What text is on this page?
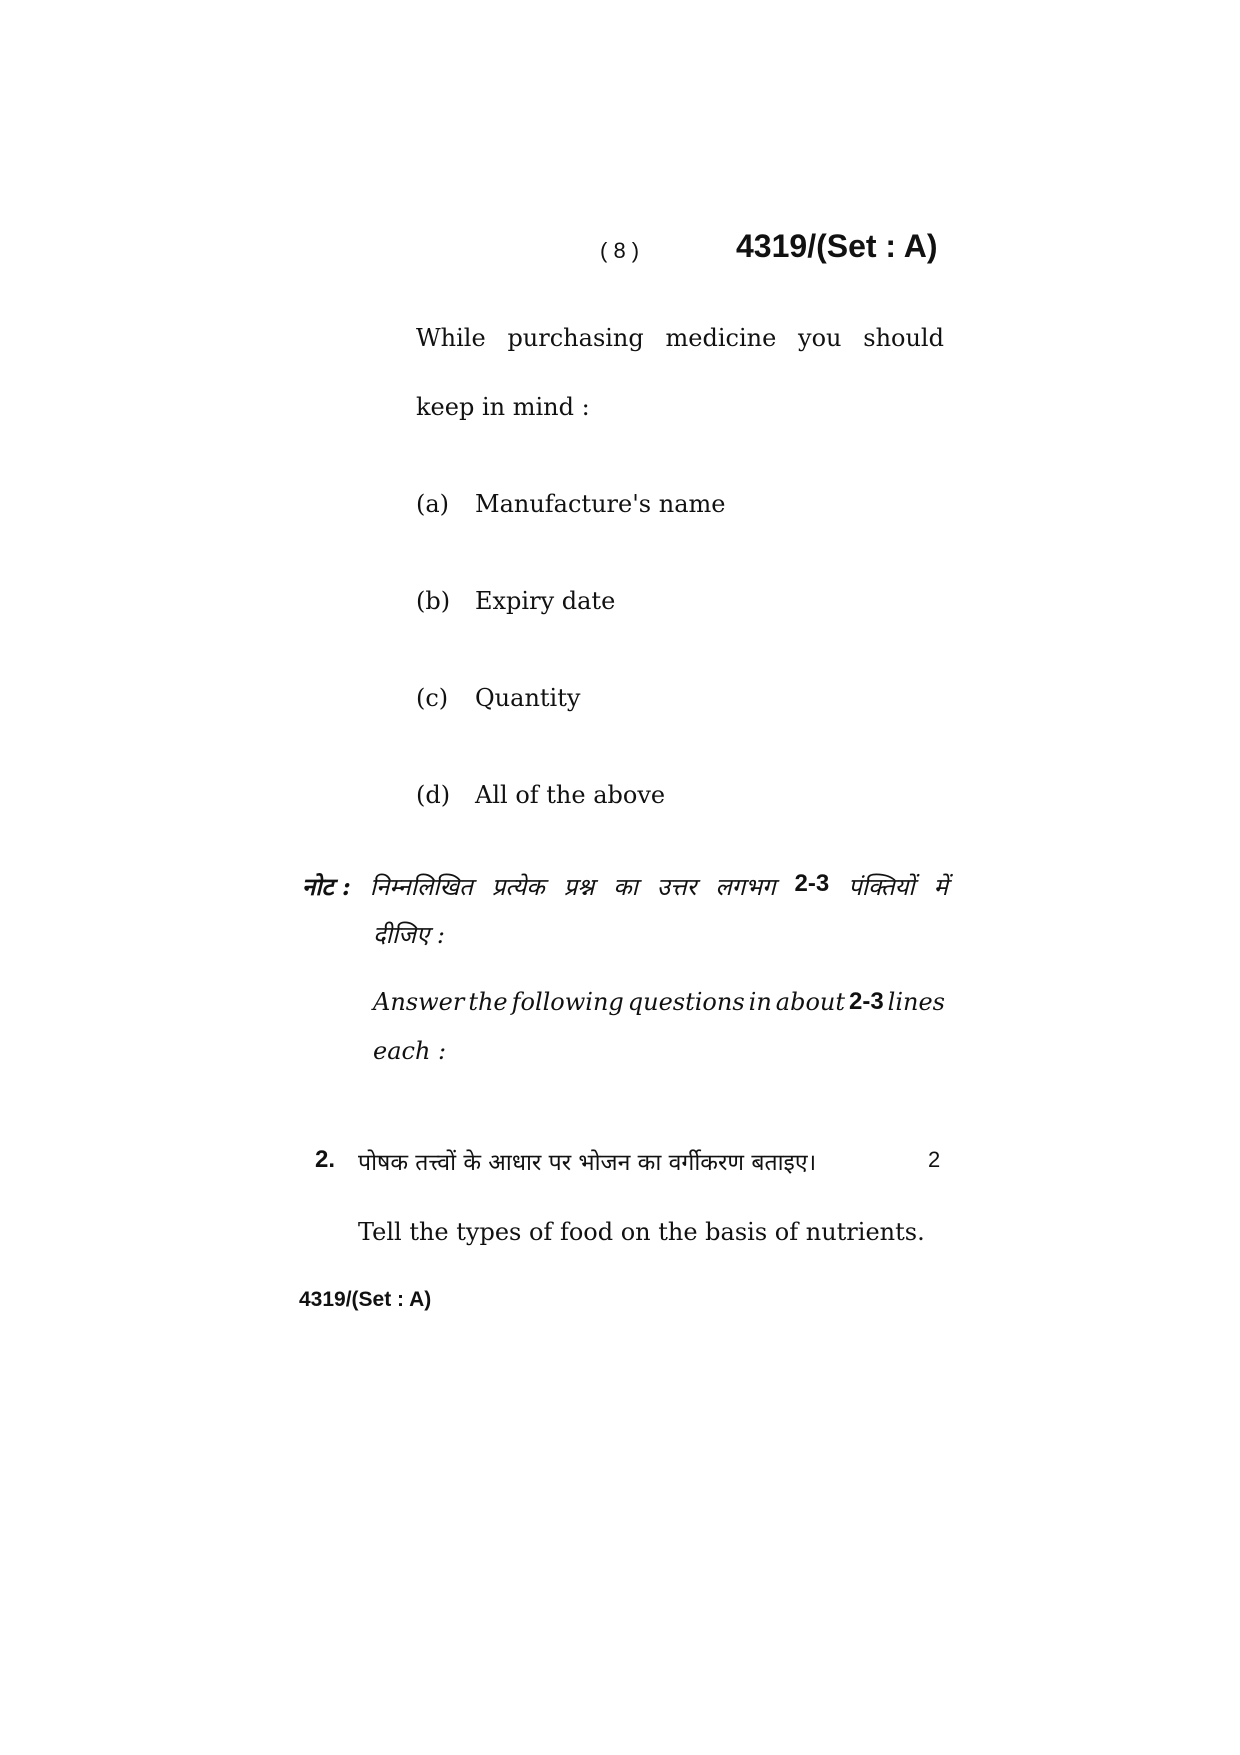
( 8 )	4319/(Set : A)
While purchasing medicine you should
keep in mind :
(a) Manufacture's name
(b) Expiry date
(c) Quantity
(d) All of the above
नोट : निम्नलिखित प्रत्येक प्रश्न का उत्तर लगभग 2-3 पंक्तियों में
दीजिए :
Answer the following questions in about 2-3 lines
each :
2. पोषक तत्त्वों के आधार पर भोजन का वर्गीकरण बताइए।	2
Tell the types of food on the basis of nutrients.
4319/(Set : A)
